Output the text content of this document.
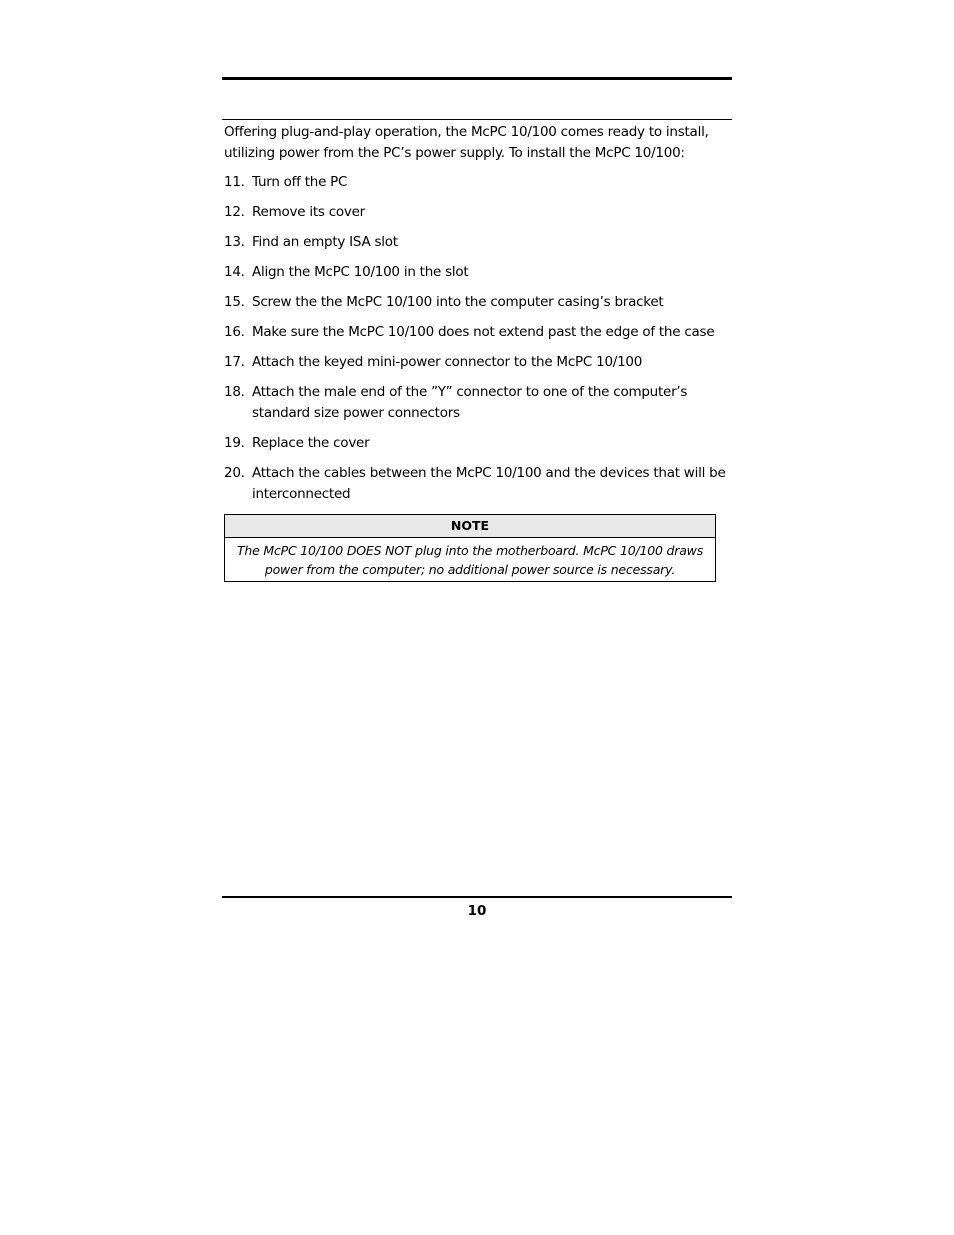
Offering plug-and-play operation, the McPC 10/100 comes ready to install, utilizing power from the PC’s power supply. To install the McPC 10/100:

11. Turn off the PC
12. Remove its cover
13. Find an empty ISA slot
14. Align the McPC 10/100 in the slot
15. Screw the the McPC 10/100 into the computer casing’s bracket
16. Make sure the McPC 10/100 does not extend past the edge of the case
17. Attach the keyed mini-power connector to the McPC 10/100
18. Attach the male end of the ”Y” connector to one of the computer’s standard size power connectors
19. Replace the cover
20. Attach the cables between the McPC 10/100 and the devices that will be interconnected
NOTE
The McPC 10/100 DOES NOT plug into the motherboard. McPC 10/100 draws power from the computer; no additional power source is necessary.
10
